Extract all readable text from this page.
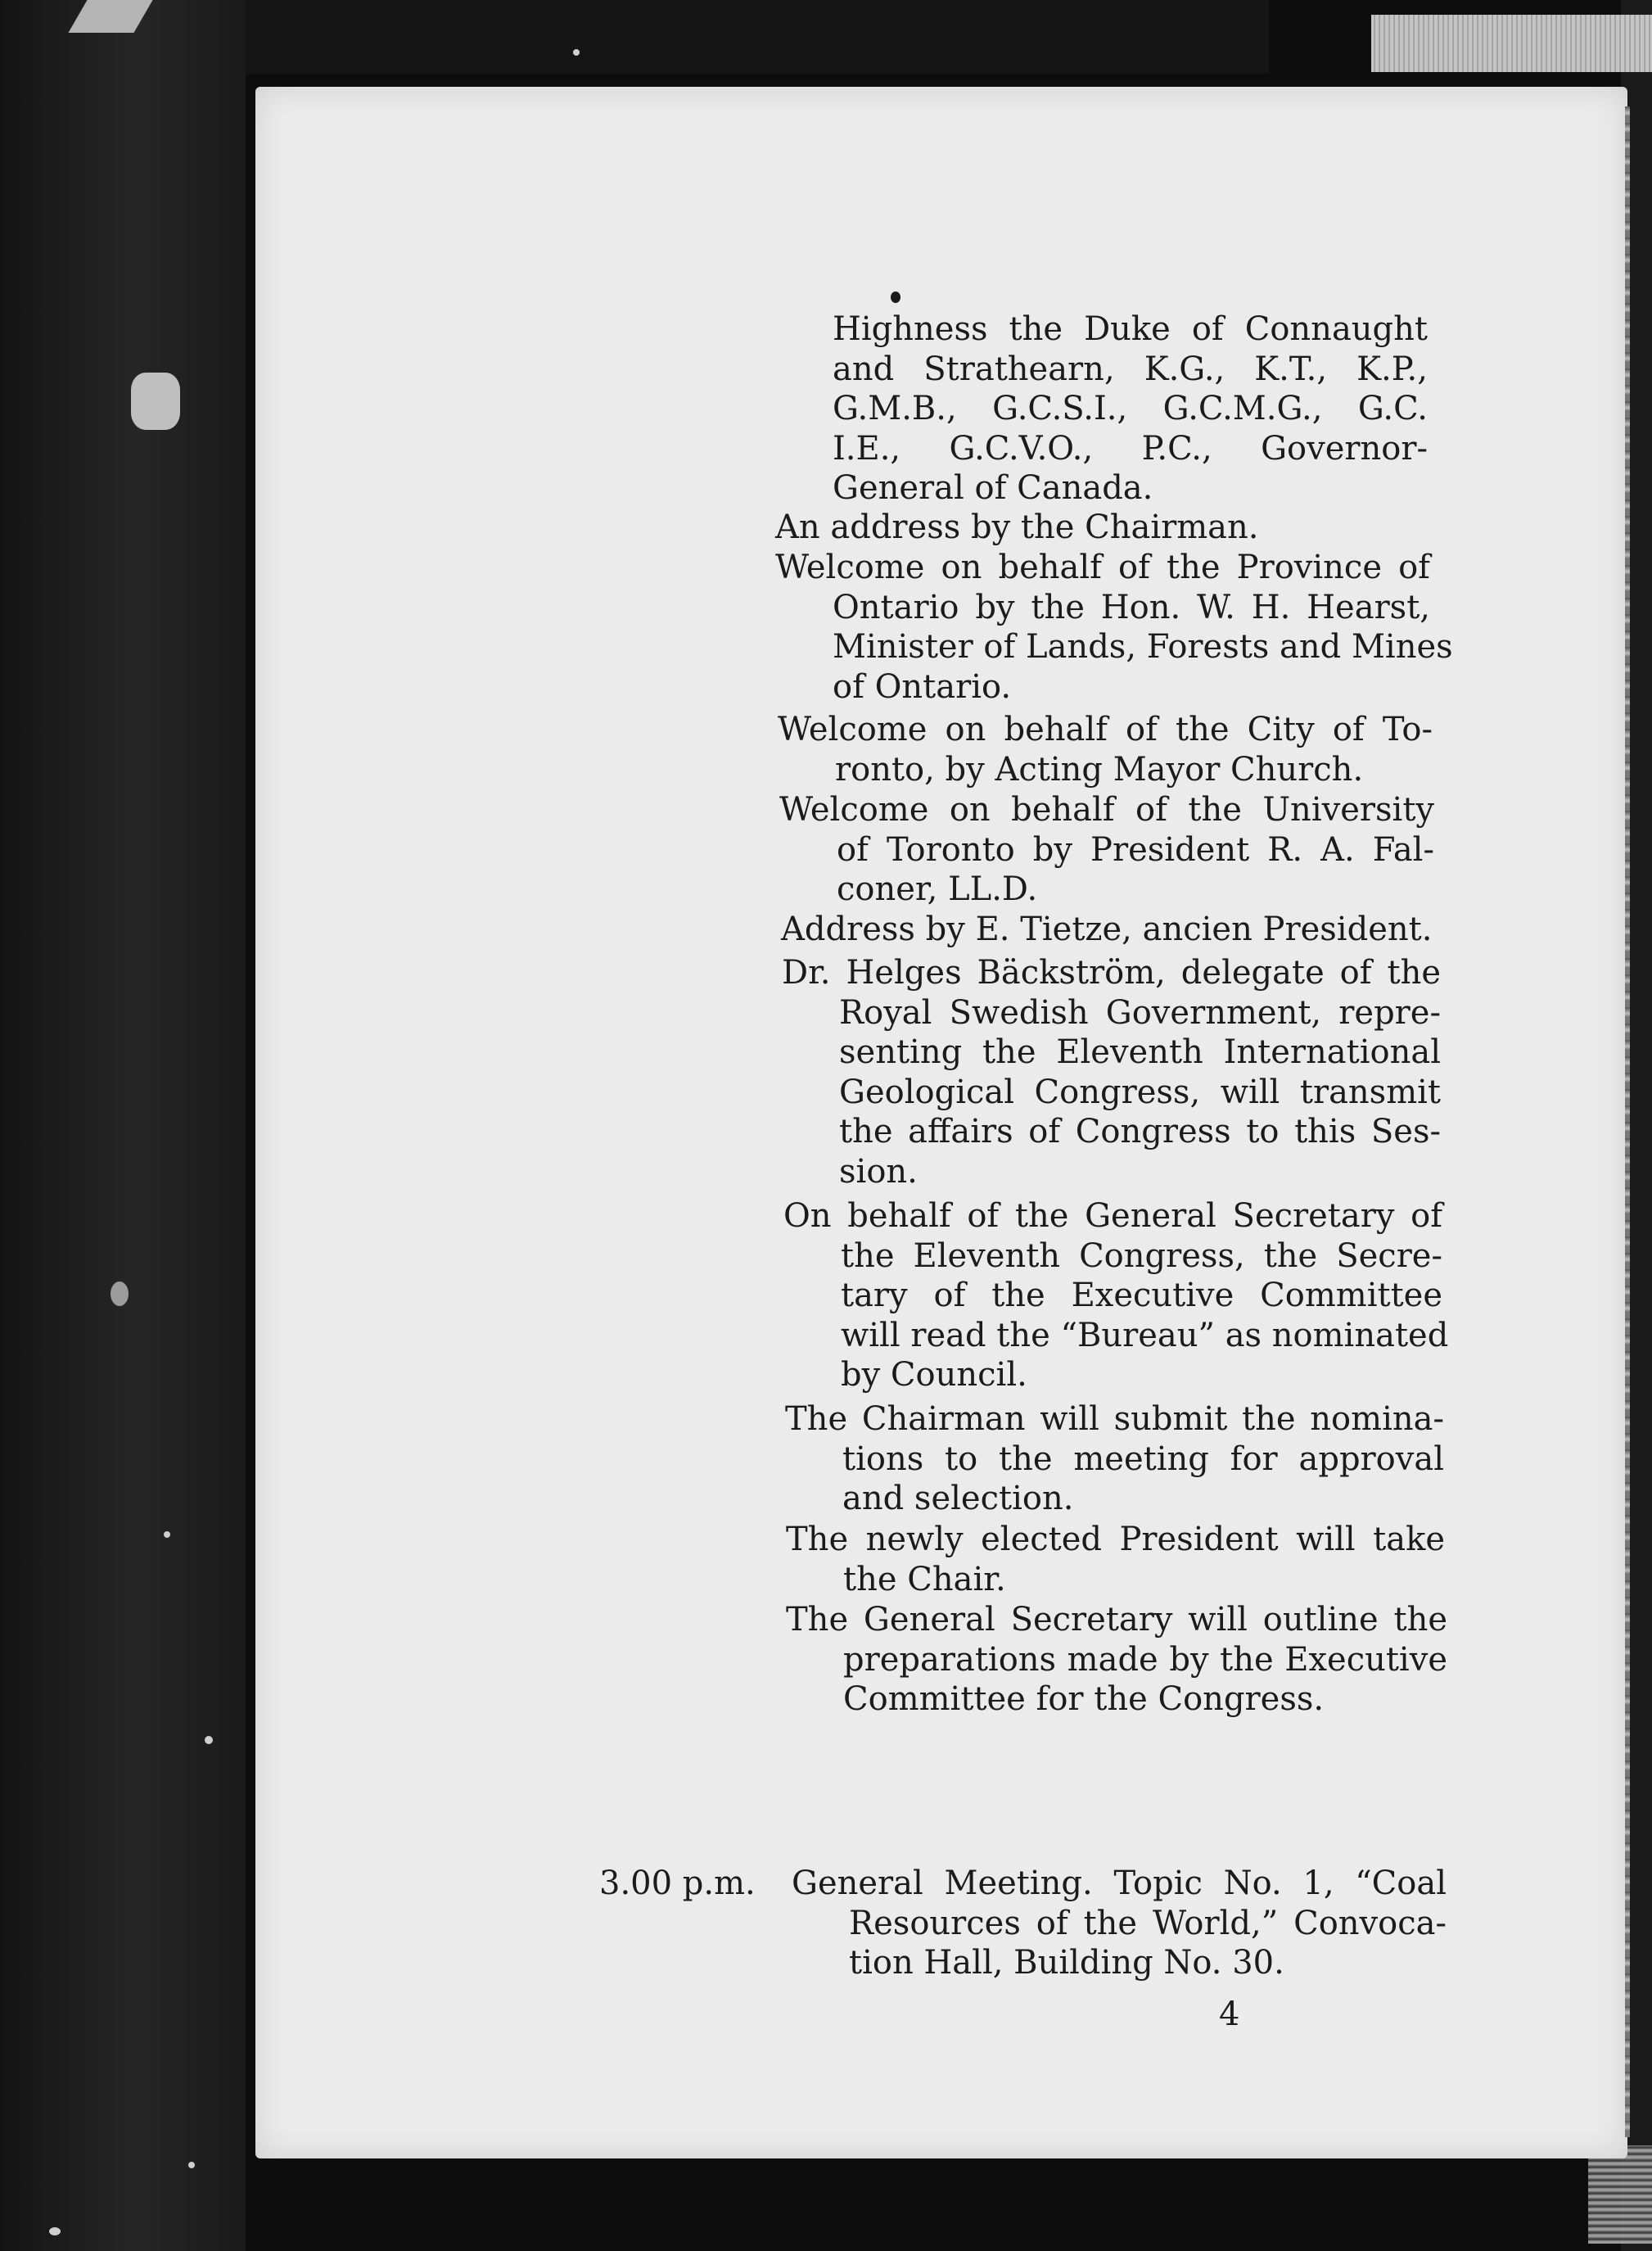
Highness the Duke of Connaught
and Strathearn, K.G., K.T., K.P.,
G.M.B., G.C.S.I., G.C.M.G., G.C.
I.E., G.C.V.O., P.C., Governor-
General of Canada.
An address by the Chairman.
Welcome on behalf of the Province of
Ontario by the Hon. W. H. Hearst,
Minister of Lands, Forests and Mines
of Ontario.
Welcome on behalf of the City of To-
ronto, by Acting Mayor Church.
Welcome on behalf of the University
of Toronto by President R. A. Fal-
coner, LL.D.
Address by E. Tietze, ancien President.
Dr. Helges Bäckström, delegate of the
Royal Swedish Government, repre-
senting the Eleventh International
Geological Congress, will transmit
the affairs of Congress to this Ses-
sion.
On behalf of the General Secretary of
the Eleventh Congress, the Secre-
tary of the Executive Committee
will read the “Bureau” as nominated
by Council.
The Chairman will submit the nomina-
tions to the meeting for approval
and selection.
The newly elected President will take
the Chair.
The General Secretary will outline the
preparations made by the Executive
Committee for the Congress.
3.00 p.m. General Meeting. Topic No. 1, “Coal
Resources of the World,” Convoca-
tion Hall, Building No. 30.
4
